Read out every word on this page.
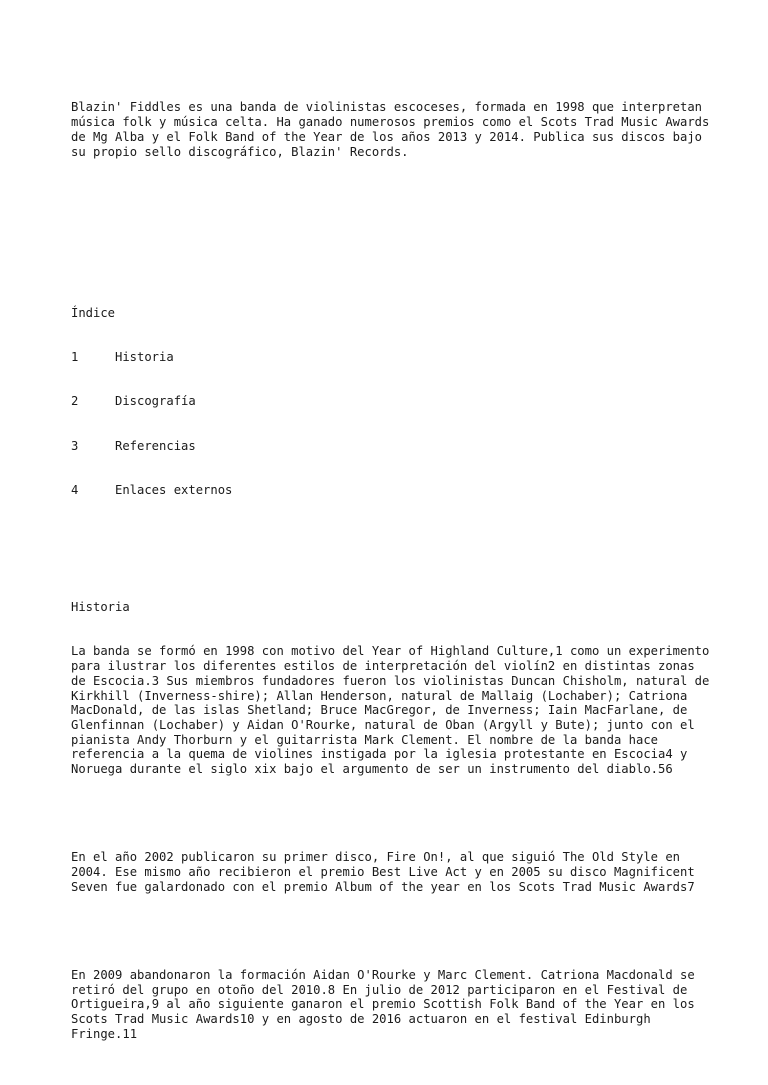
Blazin' Fiddles es una banda de violinistas escoceses, formada en 1998 que interpretan música folk y música celta. Ha ganado numerosos premios como el Scots Trad Music Awards de Mg Alba y el Folk Band of the Year de los años 2013 y 2014. Publica sus discos bajo su propio sello discográfico, Blazin' Records.

Índice

1	Historia

2	Discografía

3	Referencias

4	Enlaces externos

Historia

La banda se formó en 1998 con motivo del Year of Highland Culture,1 como un experimento para ilustrar los diferentes estilos de interpretación del violín2 en distintas zonas de Escocia.3 Sus miembros fundadores fueron los violinistas Duncan Chisholm, natural de Kirkhill (Inverness-shire); Allan Henderson, natural de Mallaig (Lochaber); Catriona MacDonald, de las islas Shetland; Bruce MacGregor, de Inverness; Iain MacFarlane, de Glenfinnan (Lochaber) y Aidan O'Rourke, natural de Oban (Argyll y Bute); junto con el pianista Andy Thorburn y el guitarrista Mark Clement. El nombre de la banda hace referencia a la quema de violines instigada por la iglesia protestante en Escocia4 y Noruega durante el siglo xix bajo el argumento de ser un instrumento del diablo.56

En el año 2002 publicaron su primer disco, Fire On!, al que siguió The Old Style en 2004. Ese mismo año recibieron el premio Best Live Act y en 2005 su disco Magnificent Seven fue galardonado con el premio Album of the year en los Scots Trad Music Awards7

En 2009 abandonaron la formación Aidan O'Rourke y Marc Clement. Catriona Macdonald se retiró del grupo en otoño del 2010.8 En julio de 2012 participaron en el Festival de Ortigueira,9 al año siguiente ganaron el premio Scottish Folk Band of the Year en los Scots Trad Music Awards10 y en agosto de 2016 actuaron en el festival Edinburgh Fringe.11
